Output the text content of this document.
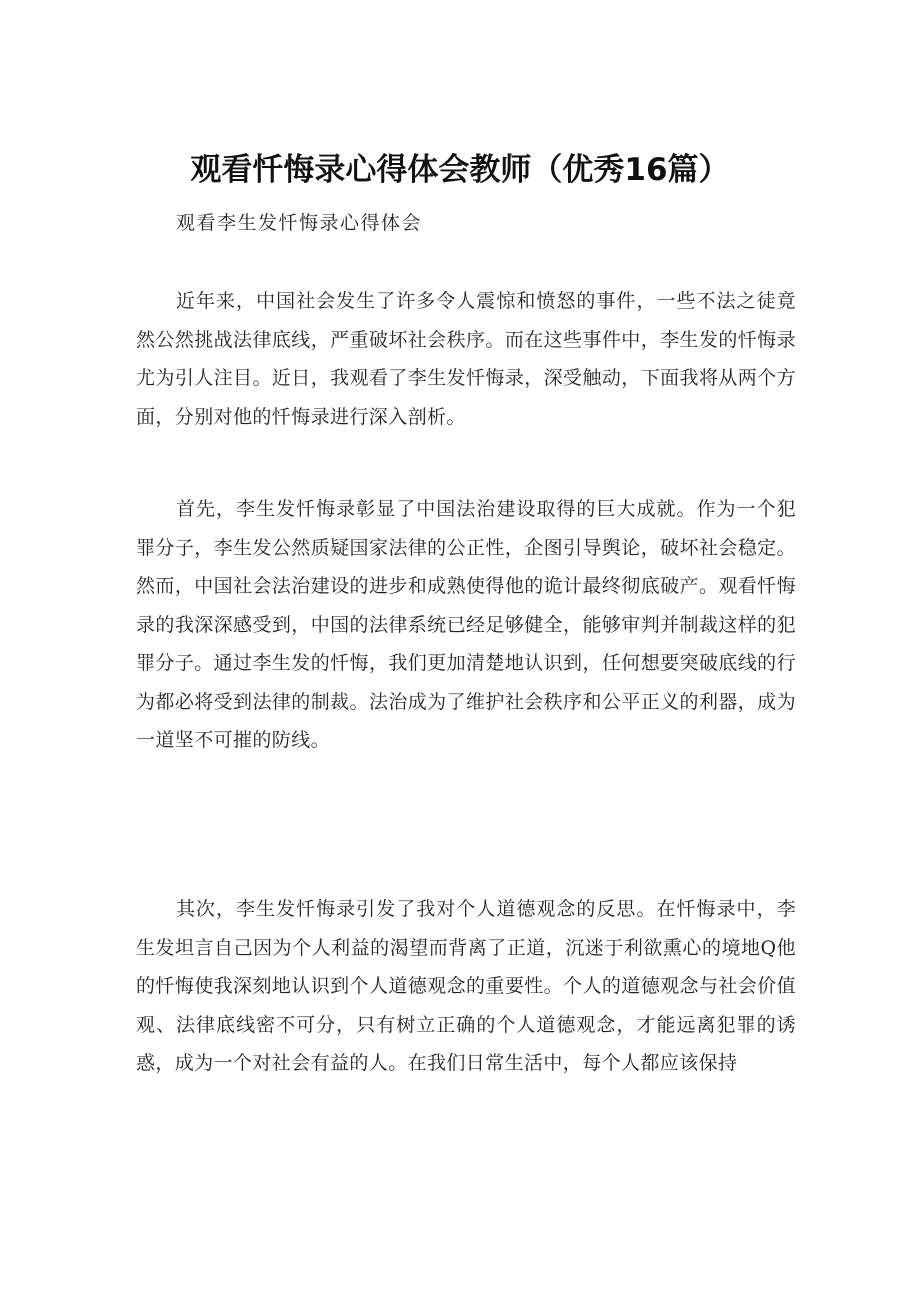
观看忏悔录心得体会教师（优秀16篇）
观看李生发忏悔录心得体会

近年来，中国社会发生了许多令人震惊和愤怒的事件，一些不法之徒竟然公然挑战法律底线，严重破坏社会秩序。而在这些事件中，李生发的忏悔录尤为引人注目。近日，我观看了李生发忏悔录，深受触动，下面我将从两个方面，分别对他的忏悔录进行深入剖析。

首先，李生发忏悔录彰显了中国法治建设取得的巨大成就。作为一个犯罪分子，李生发公然质疑国家法律的公正性，企图引导舆论，破坏社会稳定。然而，中国社会法治建设的进步和成熟使得他的诡计最终彻底破产。观看忏悔录的我深深感受到，中国的法律系统已经足够健全，能够审判并制裁这样的犯罪分子。通过李生发的忏悔，我们更加清楚地认识到，任何想要突破底线的行为都必将受到法律的制裁。法治成为了维护社会秩序和公平正义的利器，成为一道坚不可摧的防线。

其次，李生发忏悔录引发了我对个人道德观念的反思。在忏悔录中，李生发坦言自己因为个人利益的渴望而背离了正道，沉迷于利欲熏心的境地Q他的忏悔使我深刻地认识到个人道德观念的重要性。个人的道德观念与社会价值观、法律底线密不可分，只有树立正确的个人道德观念，才能远离犯罪的诱惑，成为一个对社会有益的人。在我们日常生活中，每个人都应该保持
